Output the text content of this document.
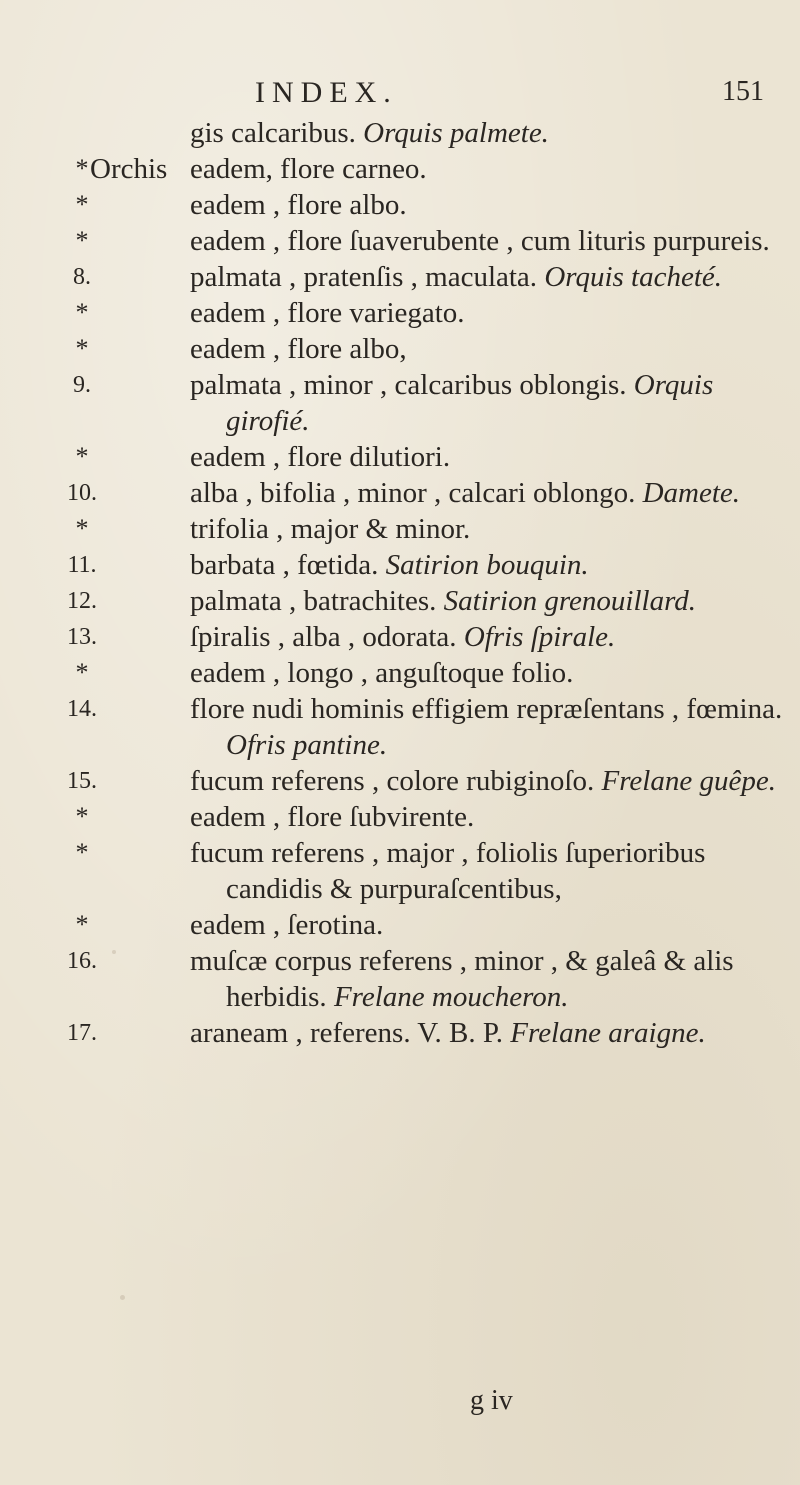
INDEX.	151
gis calcaribus. Orquis palmete.
* Orchis eadem, flore carneo.
*	eadem , flore albo.
*	eadem , flore ſuaverubente , cum lituris purpureis.
8.	palmata , pratenſis , maculata. Orquis tacheté.
*	eadem , flore variegato.
*	eadem , flore albo,
9.	palmata , minor , calcaribus oblongis. Orquis girofié.
*	eadem , flore dilutiori.
10.	alba , bifolia , minor , calcari oblongo. Damete.
*	trifolia , major & minor.
11.	barbata , fœtida. Satirion bouquin.
12.	palmata , batrachites. Satirion grenouillard.
13.	ſpiralis , alba , odorata. Ofris ſpirale.
*	eadem , longo , anguſtoque folio.
14.	flore nudi hominis effigiem repræſentans , fœmina. Ofris pantine.
15.	fucum referens , colore rubiginoſo. Frelane guêpe.
*	eadem , flore ſubvirente.
*	fucum referens , major , foliolis ſuperioribus candidis & purpuraſcentibus,
*	eadem , ſerotina.
16.	muſcæ corpus referens , minor , & galeâ & alis herbidis. Frelane moucheron.
17.	araneam , referens. V. B. P. Frelane araigne.
g iv
